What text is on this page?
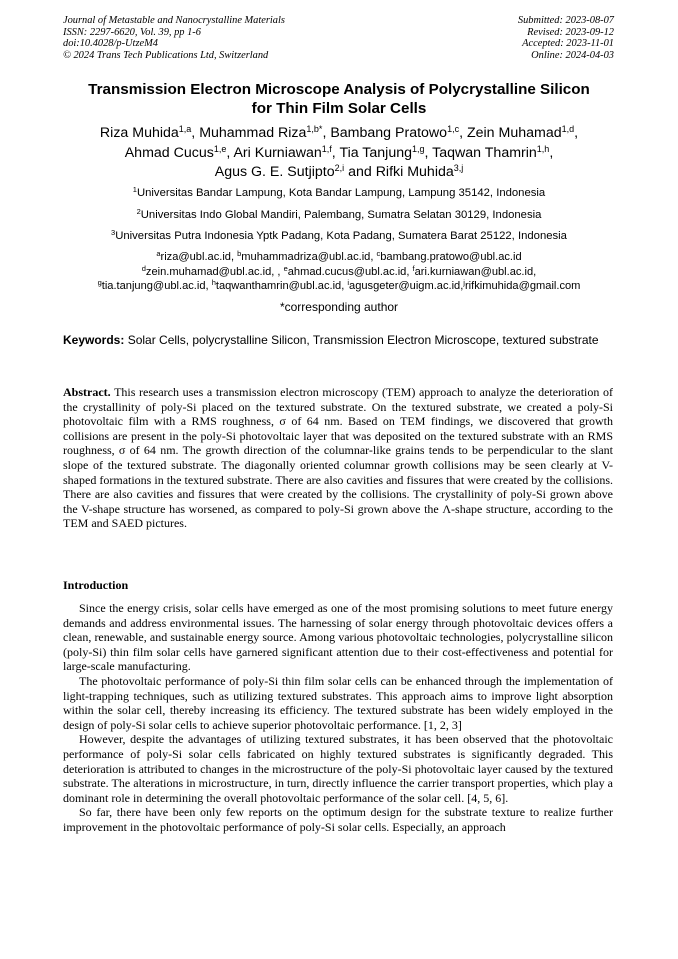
Journal of Metastable and Nanocrystalline Materials
ISSN: 2297-6620, Vol. 39, pp 1-6
doi:10.4028/p-UtzeM4
© 2024 Trans Tech Publications Ltd, Switzerland
Submitted: 2023-08-07
Revised: 2023-09-12
Accepted: 2023-11-01
Online: 2024-04-03
Transmission Electron Microscope Analysis of Polycrystalline Silicon
for Thin Film Solar Cells
Riza Muhida$^{1,a}$, Muhammad Riza$^{1,b*}$, Bambang Pratowo$^{1,c}$, Zein Muhamad$^{1,d}$,
Ahmad Cucus$^{1,e}$, Ari Kurniawan$^{1,f}$, Tia Tanjung$^{1,g}$, Taqwan Thamrin$^{1,h}$,
Agus G. E. Sutjipto$^{2,i}$ and Rifki Muhida$^{3,j}$
$^1$Universitas Bandar Lampung, Kota Bandar Lampung, Lampung 35142, Indonesia
$^2$Universitas Indo Global Mandiri, Palembang, Sumatra Selatan 30129, Indonesia
$^3$Universitas Putra Indonesia Yptk Padang, Kota Padang, Sumatera Barat 25122, Indonesia
$^a$riza@ubl.ac.id, $^b$muhammadriza@ubl.ac.id, $^c$bambang.pratowo@ubl.ac.id
$^d$zein.muhamad@ubl.ac.id, , $^e$ahmad.cucus@ubl.ac.id, $^f$ari.kurniawan@ubl.ac.id,
$^g$tia.tanjung@ubl.ac.id, $^h$taqwanthamrin@ubl.ac.id, $^i$agusgeter@uigm.ac.id,$^j$rifkimuhida@gmail.com
*corresponding author
Keywords: Solar Cells, polycrystalline Silicon, Transmission Electron Microscope, textured substrate
Abstract. This research uses a transmission electron microscopy (TEM) approach to analyze the deterioration of the crystallinity of poly-Si placed on the textured substrate. On the textured substrate, we created a poly-Si photovoltaic film with a RMS roughness, σ of 64 nm. Based on TEM findings, we discovered that growth collisions are present in the poly-Si photovoltaic layer that was deposited on the textured substrate with an RMS roughness, σ of 64 nm. The growth direction of the columnar-like grains tends to be perpendicular to the slant slope of the textured substrate. The diagonally oriented columnar growth collisions may be seen clearly at V-shaped formations in the textured substrate. There are also cavities and fissures that were created by the collisions. There are also cavities and fissures that were created by the collisions. The crystallinity of poly-Si grown above the V-shape structure has worsened, as compared to poly-Si grown above the Λ-shape structure, according to the TEM and SAED pictures.
Introduction

Since the energy crisis, solar cells have emerged as one of the most promising solutions to meet future energy demands and address environmental issues. The harnessing of solar energy through photovoltaic devices offers a clean, renewable, and sustainable energy source. Among various photovoltaic technologies, polycrystalline silicon (poly-Si) thin film solar cells have garnered significant attention due to their cost-effectiveness and potential for large-scale manufacturing.

The photovoltaic performance of poly-Si thin film solar cells can be enhanced through the implementation of light-trapping techniques, such as utilizing textured substrates. This approach aims to improve light absorption within the solar cell, thereby increasing its efficiency. The textured substrate has been widely employed in the design of poly-Si solar cells to achieve superior photovoltaic performance. [1, 2, 3]

However, despite the advantages of utilizing textured substrates, it has been observed that the photovoltaic performance of poly-Si solar cells fabricated on highly textured substrates is significantly degraded. This deterioration is attributed to changes in the microstructure of the poly-Si photovoltaic layer caused by the textured substrate. The alterations in microstructure, in turn, directly influence the carrier transport properties, which play a dominant role in determining the overall photovoltaic performance of the solar cell. [4, 5, 6].

So far, there have been only few reports on the optimum design for the substrate texture to realize further improvement in the photovoltaic performance of poly-Si solar cells. Especially, an approach
